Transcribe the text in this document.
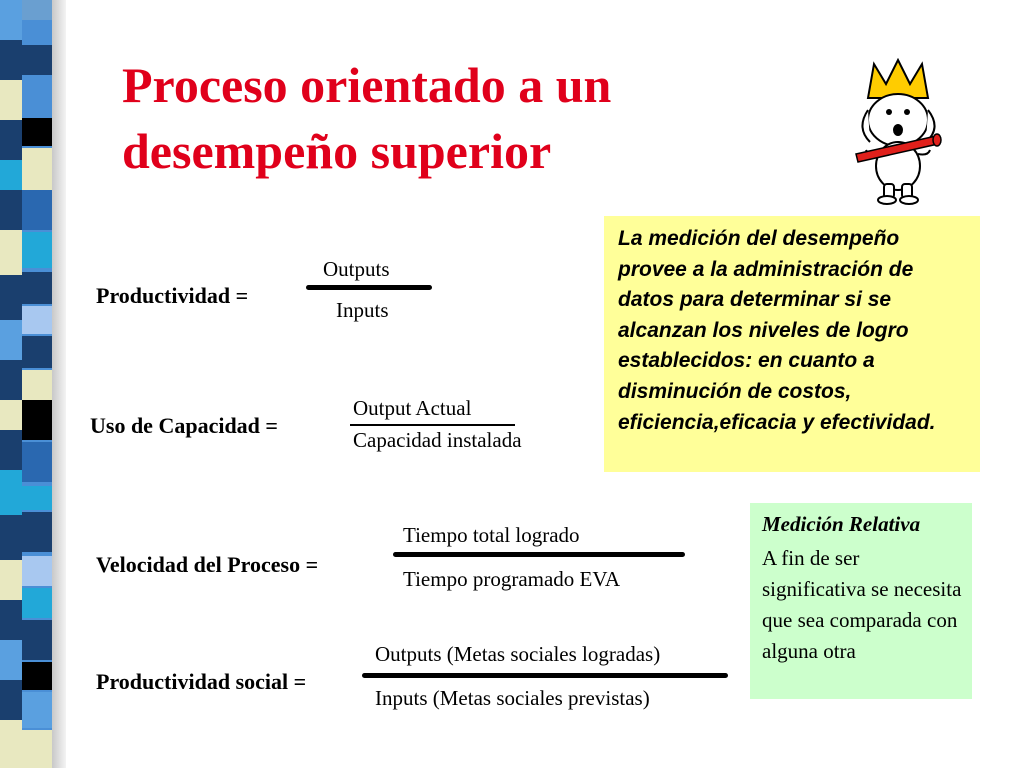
Proceso orientado a un desempeño superior
Productividad =
Outputs
Inputs
Uso de Capacidad =
Output Actual
Capacidad instalada
Velocidad del Proceso =
Tiempo total logrado
Tiempo programado EVA
Productividad social =
Outputs (Metas sociales logradas)
Inputs (Metas sociales previstas)
La medición del desempeño provee a la administración de datos para determinar si se alcanzan los niveles de logro establecidos: en cuanto a disminución de costos, eficiencia,eficacia y efectividad.
Medición Relativa
A fin de ser significativa se necesita que sea comparada con alguna otra
